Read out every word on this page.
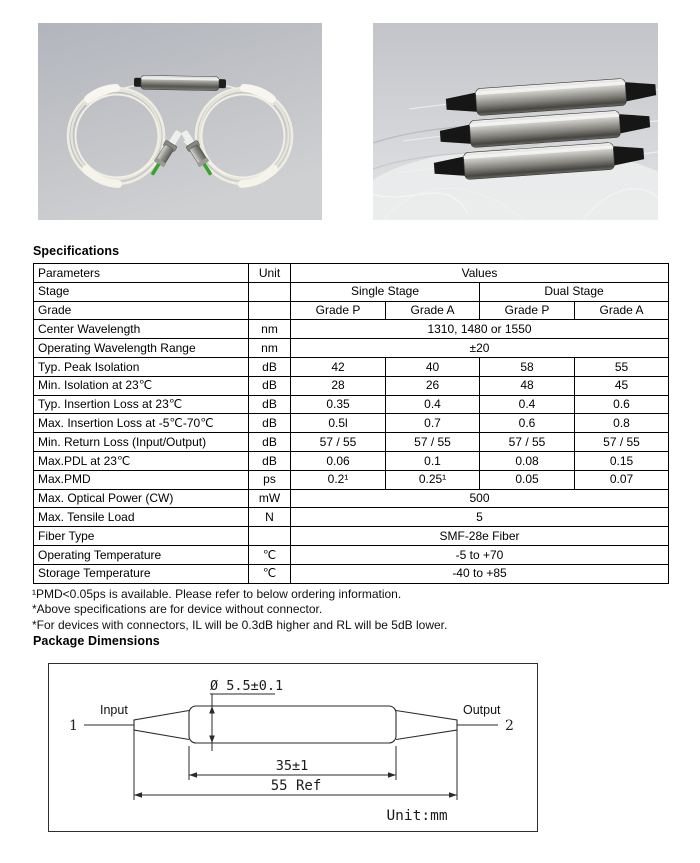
Specifications
Parameters	Unit	Values			
Stage		Single Stage		Dual Stage	
Grade		Grade P	Grade A	Grade P	Grade A
Center Wavelength	nm	1310, 1480 or 1550			
Operating Wavelength Range	nm	±20			
Typ. Peak Isolation	dB	42	40	58	55
Min. Isolation at 23℃	dB	28	26	48	45
Typ. Insertion Loss at 23℃	dB	0.35	0.4	0.4	0.6
Max. Insertion Loss at -5℃-70℃	dB	0.5l	0.7	0.6	0.8
Min. Return Loss (Input/Output)	dB	57 / 55	57 / 55	57 / 55	57 / 55
Max.PDL at 23℃	dB	0.06	0.1	0.08	0.15
Max.PMD	ps	0.2¹	0.25¹	0.05	0.07
Max. Optical Power (CW)	mW	500			
Max. Tensile Load	N	5			
Fiber Type		SMF-28e Fiber			
Operating Temperature	℃	-5 to +70			
Storage Temperature	℃	-40 to +85			
¹PMD<0.05ps is available. Please refer to below ordering information.
*Above specifications are for device without connector.
*For devices with connectors, IL will be 0.3dB higher and RL will be 5dB lower.
Package Dimensions
Ø 5.5±0.1
Input	Output
1	2
35±1
55 Ref
Unit:mm
